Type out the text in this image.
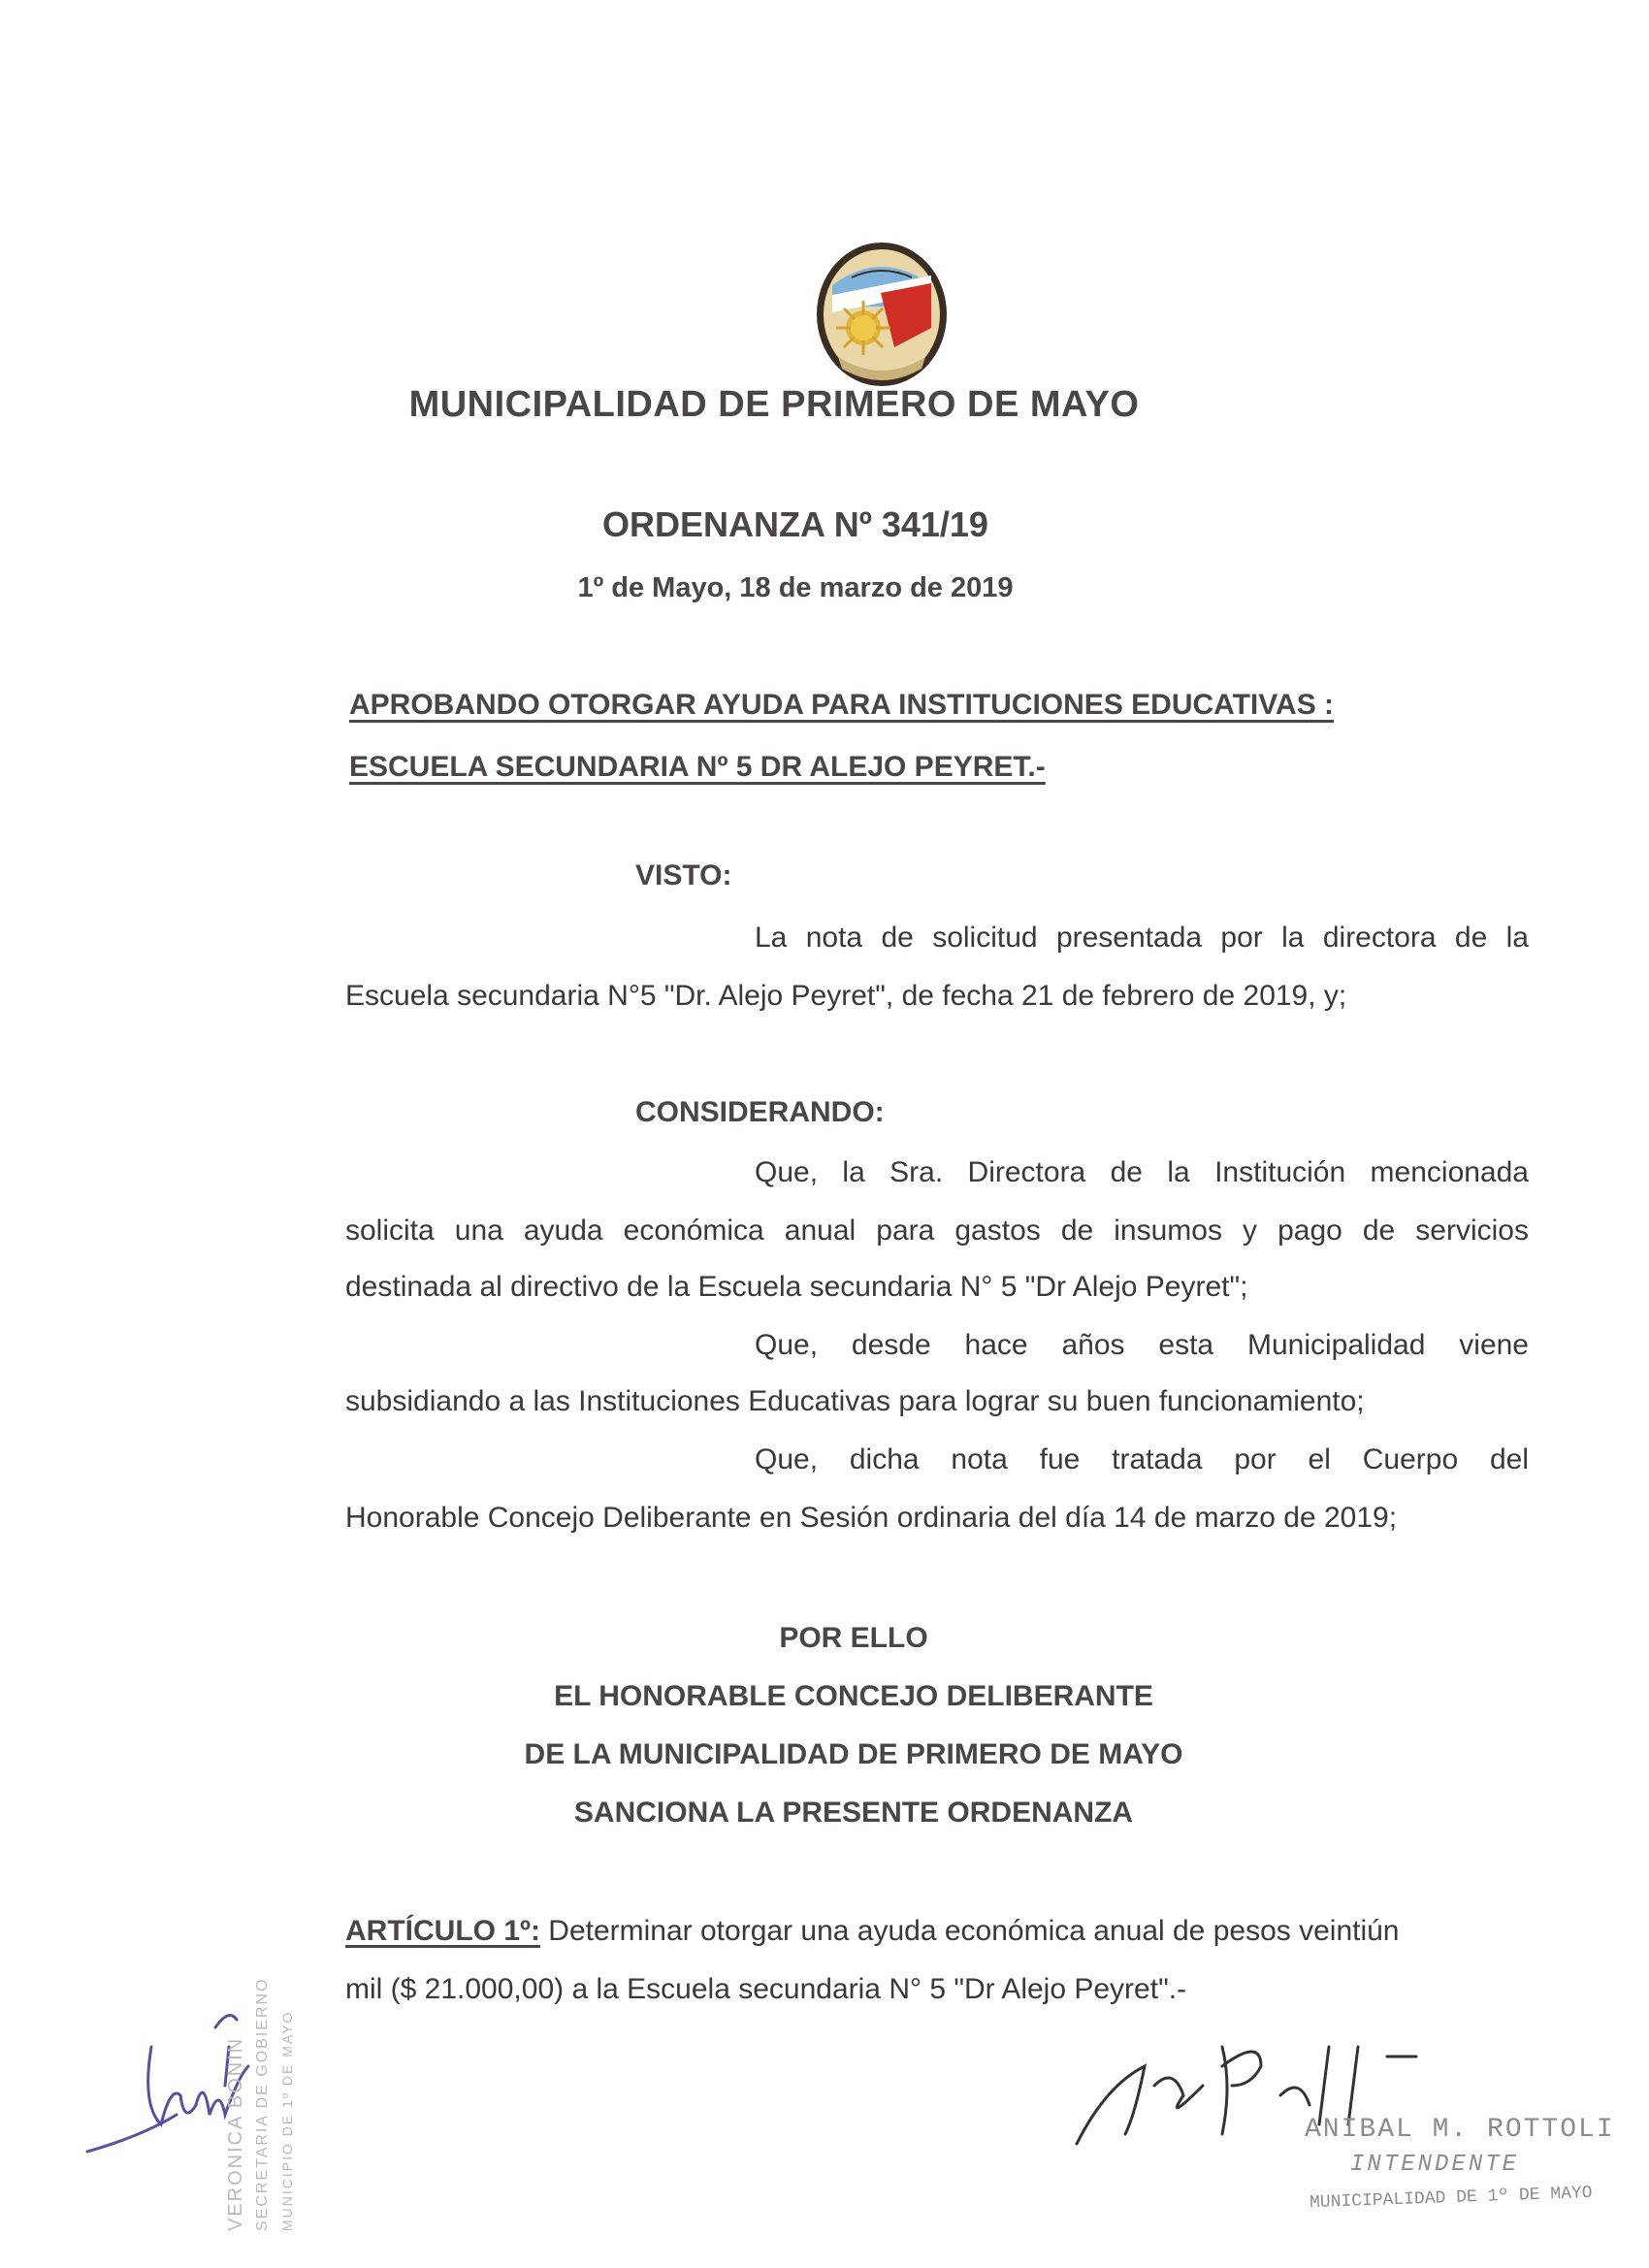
MUNICIPALIDAD DE PRIMERO DE MAYO
ORDENANZA Nº 341/19
1º de Mayo, 18 de marzo de 2019
APROBANDO OTORGAR AYUDA PARA INSTITUCIONES EDUCATIVAS :
ESCUELA SECUNDARIA Nº 5 DR ALEJO PEYRET.-
VISTO:
La nota de solicitud presentada por la directora de la
Escuela secundaria N°5 "Dr. Alejo Peyret", de fecha 21 de febrero de 2019, y;
CONSIDERANDO:
Que, la Sra. Directora de la Institución mencionada
solicita una ayuda económica anual para gastos de insumos y pago de servicios
destinada al directivo de la Escuela secundaria N° 5 "Dr Alejo Peyret";
Que, desde hace años esta Municipalidad viene
subsidiando a las Instituciones Educativas para lograr su buen funcionamiento;
Que, dicha nota fue tratada por el Cuerpo del
Honorable Concejo Deliberante en Sesión ordinaria del día 14 de marzo de 2019;
POR ELLO
EL HONORABLE CONCEJO DELIBERANTE
DE LA MUNICIPALIDAD DE PRIMERO DE MAYO
SANCIONA LA PRESENTE ORDENANZA
ARTÍCULO 1º: Determinar otorgar una ayuda económica anual de pesos veintiún
mil ($ 21.000,00) a la Escuela secundaria N° 5 "Dr Alejo Peyret".-
VERONICA BONIN SECRETARIA DE GOBIERNO MUNICIPIO DE 1º DE MAYO	ANIBAL M. ROTTOLI
INTENDENTE
MUNICIPALIDAD DE 1º DE MAYO
